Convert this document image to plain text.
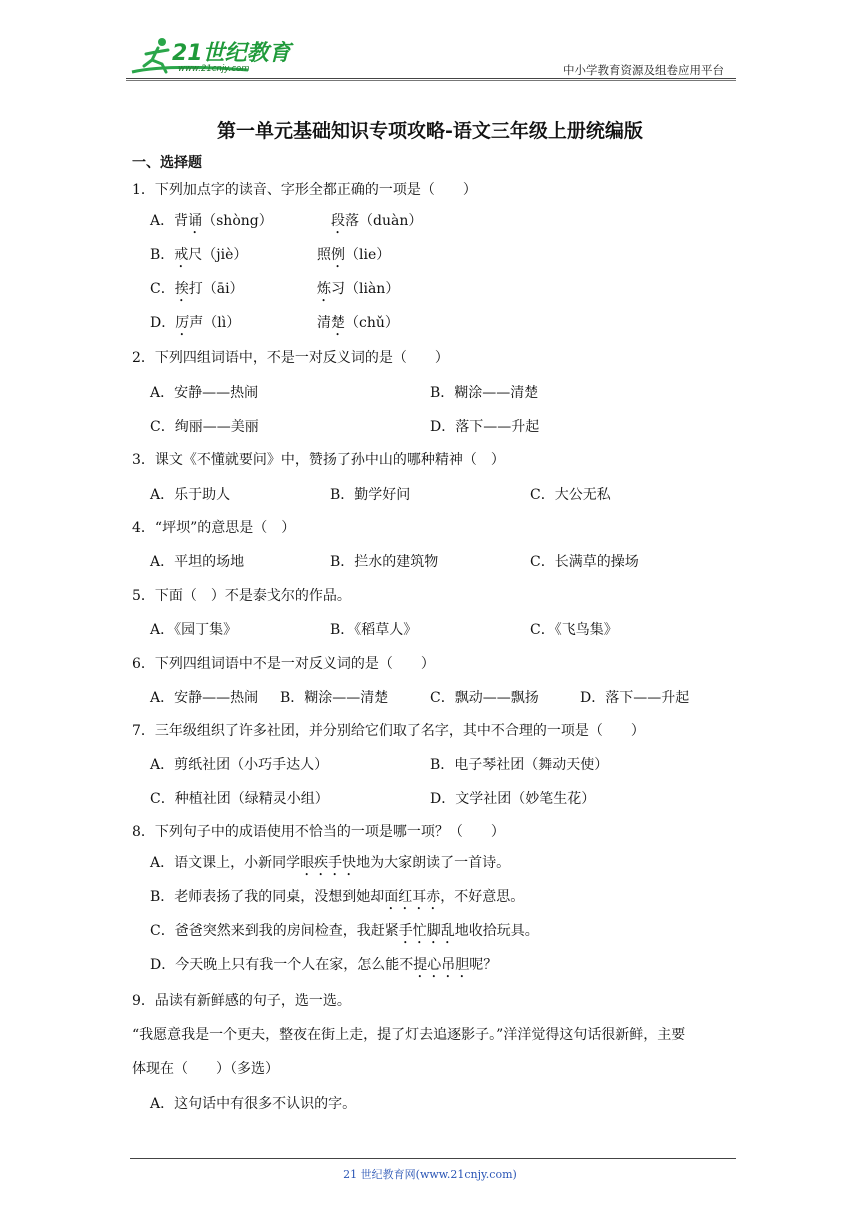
21世纪教育
www.21cnjy.com	中小学教育资源及组卷应用平台
第一单元基础知识专项攻略-语文三年级上册统编版
一、选择题
1．下列加点字的读音、字形全都正确的一项是（　　）
A．背诵（shòng）	段落（duàn）
B．戒尺（jiè）	照例（lie）
C．挨打（āi）	炼习（liàn）
D．厉声（lì）	清楚（chǔ）
2．下列四组词语中，不是一对反义词的是（　　）
A．安静——热闹	B．糊涂——清楚
C．绚丽——美丽	D．落下——升起
3．课文《不懂就要问》中，赞扬了孙中山的哪种精神（　）
A．乐于助人	B．勤学好问	C．大公无私
4．“坪坝”的意思是（　）
A．平坦的场地	B．拦水的建筑物	C．长满草的操场
5．下面（　）不是泰戈尔的作品。
A．《园丁集》	B．《稻草人》	C．《飞鸟集》
6．下列四组词语中不是一对反义词的是（　　）
A．安静——热闹 B．糊涂——清楚	C．飘动——飘扬	D．落下——升起
7．三年级组织了许多社团，并分别给它们取了名字，其中不合理的一项是（　　）
A．剪纸社团（小巧手达人）	B．电子琴社团（舞动天使）
C．种植社团（绿精灵小组）	D．文学社团（妙笔生花）
8．下列句子中的成语使用不恰当的一项是哪一项？（　　）
A．语文课上，小新同学眼疾手快地为大家朗读了一首诗。
B．老师表扬了我的同桌，没想到她却面红耳赤，不好意思。
C．爸爸突然来到我的房间检查，我赶紧手忙脚乱地收拾玩具。
D．今天晚上只有我一个人在家，怎么能不提心吊胆呢？
9．品读有新鲜感的句子，选一选。
“我愿意我是一个更夫，整夜在街上走，提了灯去追逐影子。”洋洋觉得这句话很新鲜，主要
体现在（　　）（多选）
A．这句话中有很多不认识的字。
21 世纪教育网(www.21cnjy.com)
